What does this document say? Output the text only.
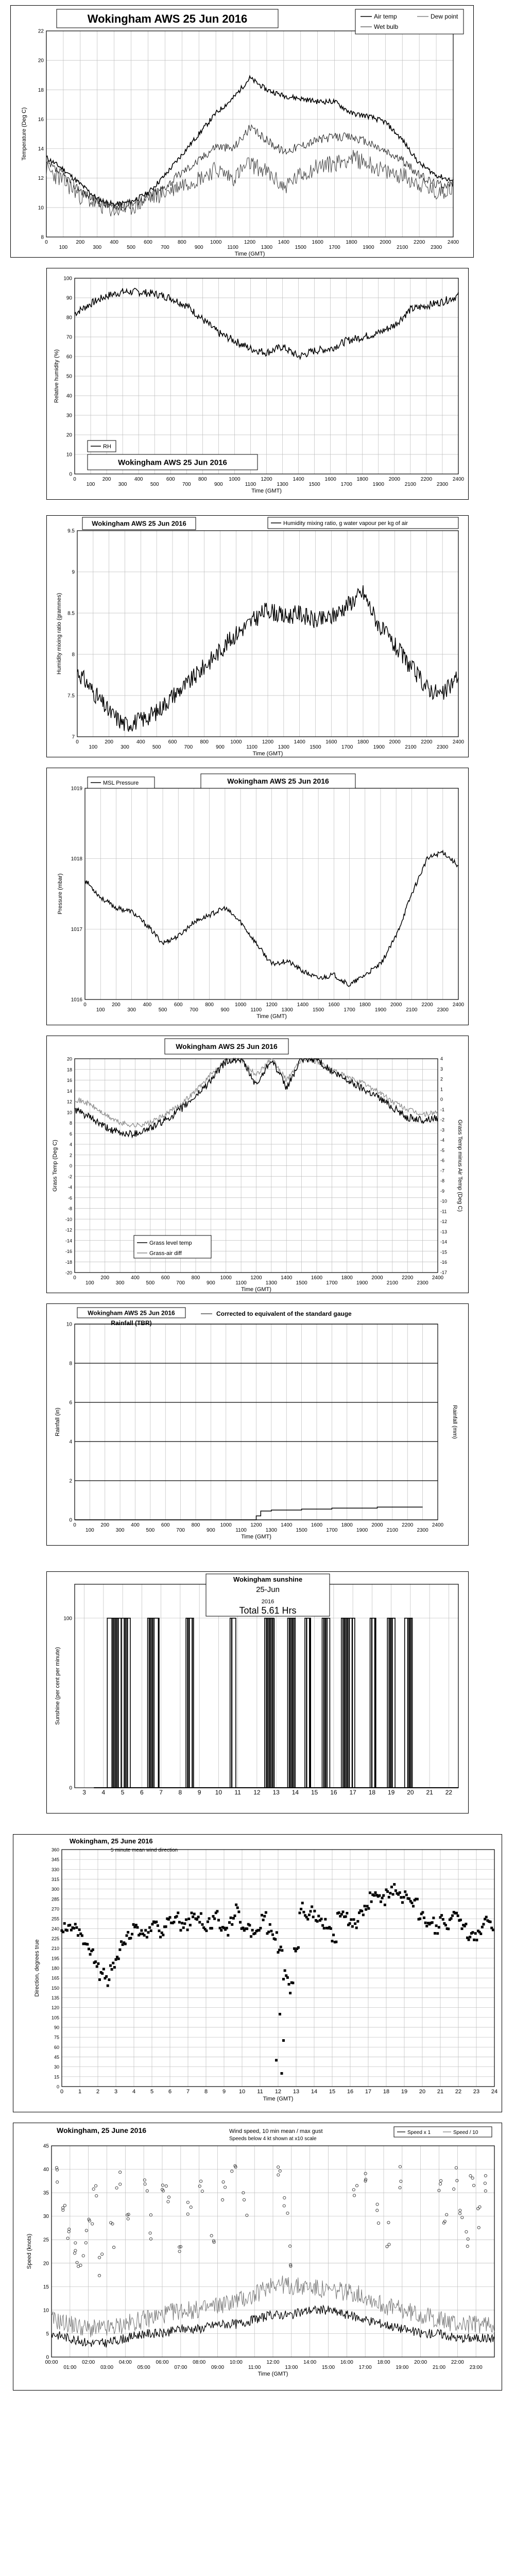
0
100
200
300
400
500
600
700
800
900
1000
1100
1200
1300
1400
1500
1600
1700
1800
1900
2000
2100
2200
2300
2400
8
10
12
14
16
18
20
22
Time (GMT)
Temperature (Deg C)
Wokingham AWS 25 Jun 2016	Air temp	Dew point
Wet bulb
0
100
200
300
400
500
600
700
800
900
1000
1100
1200
1300
1400
1500
1600
1700
1800
1900
2000
2100
2200
2300
2400
0
10
20
30
40
50
60
70
80
90
100
Time (GMT)
Relative humidity (%)
RH
Wokingham AWS 25 Jun 2016
0
100
200
300
400
500
600
700
800
900
1000
1100
1200
1300
1400
1500
1600
1700
1800
1900
2000
2100
2200
2300
2400
7
7.5
8
8.5
9
9.5
Time (GMT)
Humidity mixing ratio (grammes)
Wokingham AWS 25 Jun 2016	Humidity mixing ratio, g water vapour per kg of air
0
100
200
300
400
500
600
700
800
900
1000
1100
1200
1300
1400
1500
1600
1700
1800
1900
2000
2100
2200
2300
2400
1016
1017
1018
1019
Time (GMT)
Pressure (mbar)
MSL Pressure	Wokingham AWS 25 Jun 2016
0
100
200
300
400
500
600
700
800
900
1000
1100
1200
1300
1400
1500
1600
1700
1800
1900
2000
2100
2200
2300
2400
20
18
16
14
12
10
8
6
4
2
0
-2
-4
-6
-8
-10
-12
-14
-16
-18
-20
Time (GMT)
Grass Temp (Deg C)
4
3
2
1
0
-1
-2
-3
-4
-5
-6
-7
-8
-9
-10
-11
-12
-13
-14
-15
-16
-17
Grass Temp minus Air Temp (Deg C)
Wokingham AWS 25 Jun 2016
Grass level temp
Grass-air diff
0
100
200
300
400
500
600
700
800
900
1000
1100
1200
1300
1400
1500
1600
1700
1800
1900
2000
2100
2200
2300
2400
0
2
4
6
8
10
Time (GMT)
Rainfall (in)	Rainfall (mm)
Wokingham AWS 25 Jun 2016
Rainfall (TBR)
Corrected to equivalent of the standard gauge
3	4	5	6	7	8	9 10 11 12 13 14 15 16 17 18 19 20 21 22
0
100
Sunshine (per cent per minute)
Wokingham sunshine
25-Jun
2016
Total 5.61 Hrs
0	1	2	3	4	5	6	7	8	9 10 11 12 13 14 15 16 17 18 19 20 21 22 23 24
0
15
30
45
60
75
90
105
120
135
150
165
180
195
210
225
240
255
270
285
300
315
330
345
360
Time (GMT)
Direction, degrees true
Wokingham, 25 June 2016
5 minute mean wind direction
00:00
01:00
02:00
03:00
04:00
05:00
06:00
07:00
08:00
09:00
10:00
11:00
12:00
13:00
14:00
15:00
16:00
17:00
18:00
19:00
20:00
21:00
22:00
23:00
0
5
10
15
20
25
30
35
40
45
Time (GMT)
Speed (knots)
Wokingham, 25 June 2016	Wind speed, 10 min mean / max gust
Speeds below 4 kt shown at x10 scale
Speed x 1	Speed / 10
